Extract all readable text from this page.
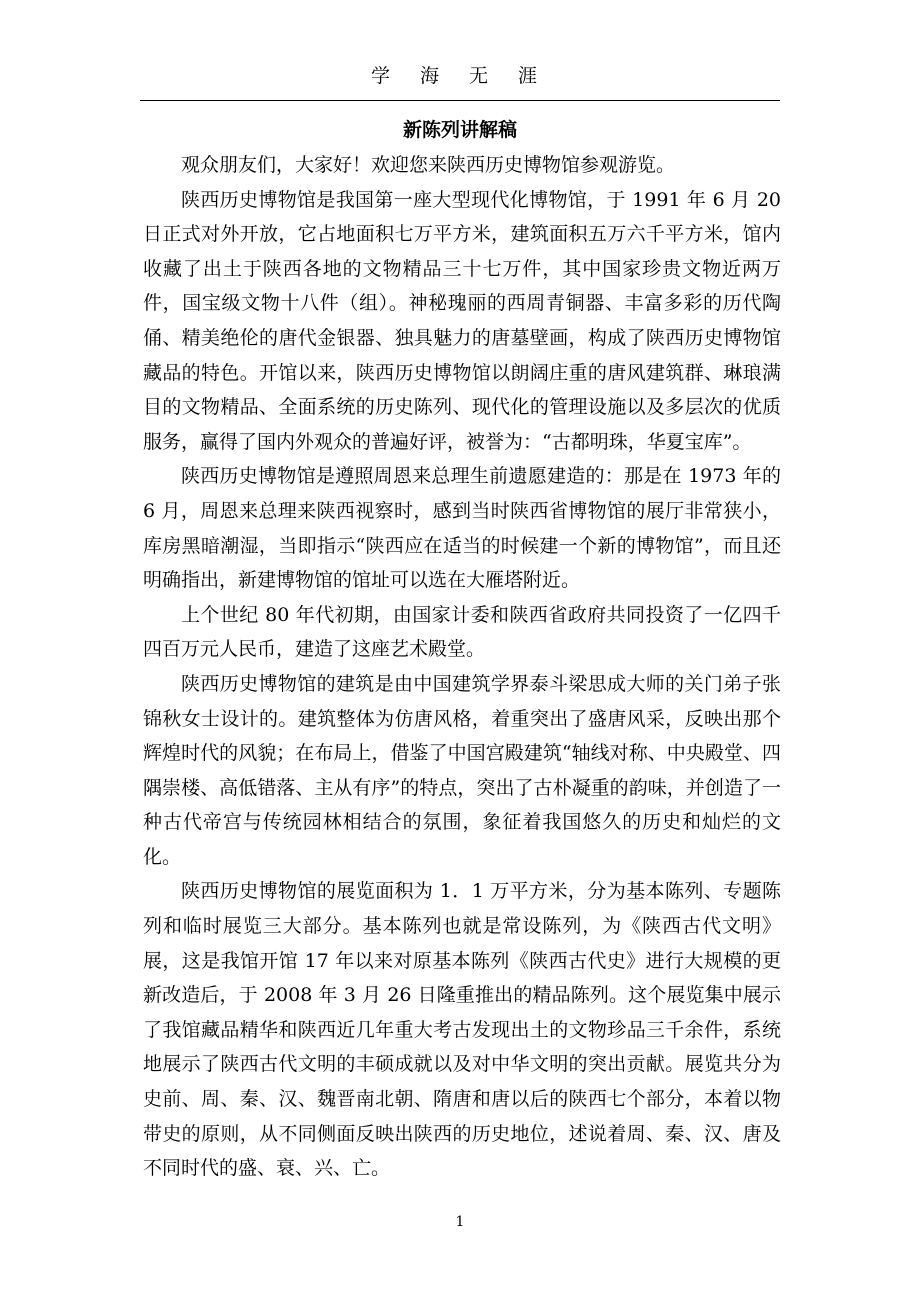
学 海 无 涯
新陈列讲解稿

观众朋友们，大家好！欢迎您来陕西历史博物馆参观游览。

陕西历史博物馆是我国第一座大型现代化博物馆，于 1991 年 6 月 20 日正式对外开放，它占地面积七万平方米，建筑面积五万六千平方米，馆内收藏了出土于陕西各地的文物精品三十七万件，其中国家珍贵文物近两万件，国宝级文物十八件（组）。神秘瑰丽的西周青铜器、丰富多彩的历代陶俑、精美绝伦的唐代金银器、独具魅力的唐墓壁画，构成了陕西历史博物馆藏品的特色。开馆以来，陕西历史博物馆以朗阔庄重的唐风建筑群、琳琅满目的文物精品、全面系统的历史陈列、现代化的管理设施以及多层次的优质服务，赢得了国内外观众的普遍好评，被誉为：“古都明珠，华夏宝库”。

陕西历史博物馆是遵照周恩来总理生前遗愿建造的：那是在 1973 年的 6 月，周恩来总理来陕西视察时，感到当时陕西省博物馆的展厅非常狭小，库房黑暗潮湿，当即指示“陕西应在适当的时候建一个新的博物馆”，而且还明确指出，新建博物馆的馆址可以选在大雁塔附近。

上个世纪 80 年代初期，由国家计委和陕西省政府共同投资了一亿四千四百万元人民币，建造了这座艺术殿堂。

陕西历史博物馆的建筑是由中国建筑学界泰斗梁思成大师的关门弟子张锦秋女士设计的。建筑整体为仿唐风格，着重突出了盛唐风采，反映出那个辉煌时代的风貌；在布局上，借鉴了中国宫殿建筑“轴线对称、中央殿堂、四隅崇楼、高低错落、主从有序”的特点，突出了古朴凝重的韵味，并创造了一种古代帝宫与传统园林相结合的氛围，象征着我国悠久的历史和灿烂的文化。

陕西历史博物馆的展览面积为 1．1 万平方米，分为基本陈列、专题陈列和临时展览三大部分。基本陈列也就是常设陈列，为《陕西古代文明》展，这是我馆开馆 17 年以来对原基本陈列《陕西古代史》进行大规模的更新改造后，于 2008 年 3 月 26 日隆重推出的精品陈列。这个展览集中展示了我馆藏品精华和陕西近几年重大考古发现出土的文物珍品三千余件，系统地展示了陕西古代文明的丰硕成就以及对中华文明的突出贡献。展览共分为史前、周、秦、汉、魏晋南北朝、隋唐和唐以后的陕西七个部分，本着以物带史的原则，从不同侧面反映出陕西的历史地位，述说着周、秦、汉、唐及不同时代的盛、衰、兴、亡。

1
